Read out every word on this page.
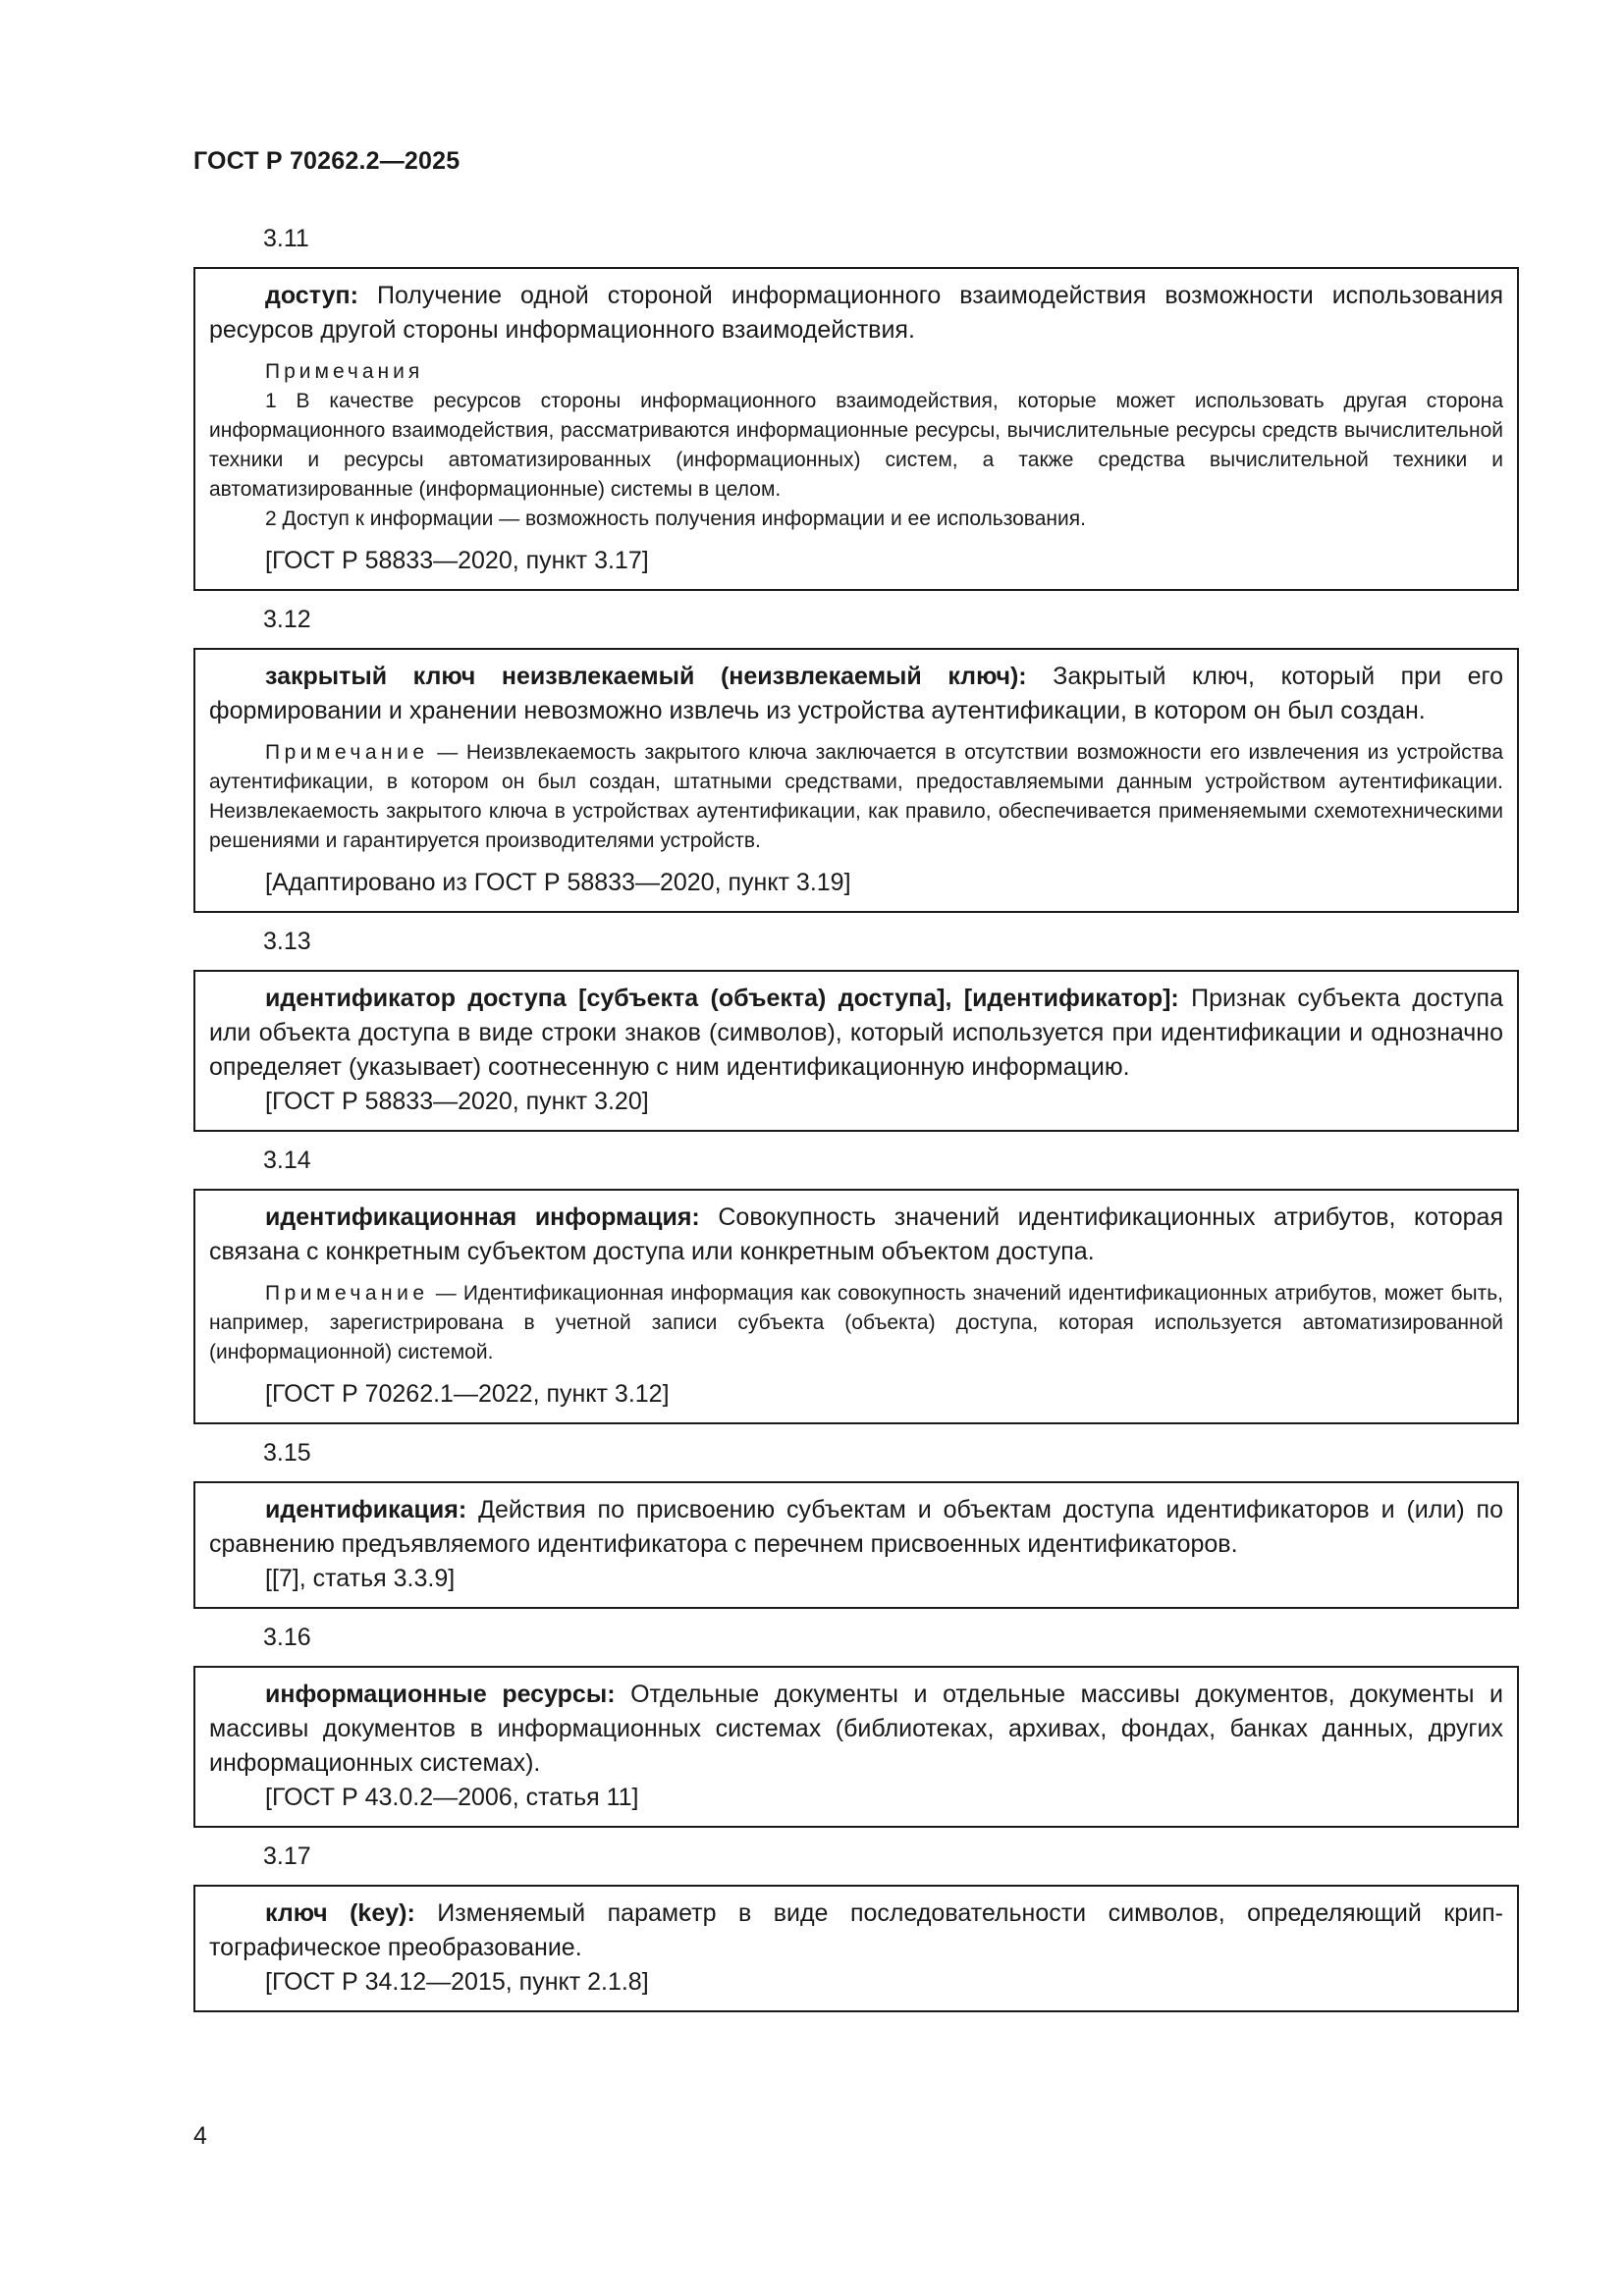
ГОСТ Р 70262.2—2025
3.11

доступ: Получение одной стороной информационного взаимодействия возможности использования ресурсов другой стороны информационного взаимодействия.

Примечания

1 В качестве ресурсов стороны информационного взаимодействия, которые может использовать другая сторона информационного взаимодействия, рассматриваются информационные ресурсы, вычислительные ресурсы средств вычислительной техники и ресурсы автоматизированных (информационных) систем, а также средства вычислительной техники и автоматизированные (информационные) системы в целом.

2 Доступ к информации — возможность получения информации и ее использования.

[ГОСТ Р 58833—2020, пункт 3.17]

3.12

закрытый ключ неизвлекаемый (неизвлекаемый ключ): Закрытый ключ, который при его формировании и хранении невозможно извлечь из устройства аутентификации, в котором он был создан.

Примечание — Неизвлекаемость закрытого ключа заключается в отсутствии возможности его извлечения из устройства аутентификации, в котором он был создан, штатными средствами, предоставляемыми данным устройством аутентификации. Неизвлекаемость закрытого ключа в устройствах аутентификации, как правило, обеспечивается применяемыми схемотехническими решениями и гарантируется производителями устройств.

[Адаптировано из ГОСТ Р 58833—2020, пункт 3.19]

3.13

идентификатор доступа [субъекта (объекта) доступа], [идентификатор]: Признак субъекта доступа или объекта доступа в виде строки знаков (символов), который используется при идентификации и однозначно определяет (указывает) соотнесенную с ним идентификационную информацию.

[ГОСТ Р 58833—2020, пункт 3.20]

3.14

идентификационная информация: Совокупность значений идентификационных атрибутов, которая связана с конкретным субъектом доступа или конкретным объектом доступа.

Примечание — Идентификационная информация как совокупность значений идентификационных атрибутов, может быть, например, зарегистрирована в учетной записи субъекта (объекта) доступа, которая используется автоматизированной (информационной) системой.

[ГОСТ Р 70262.1—2022, пункт 3.12]

3.15

идентификация: Действия по присвоению субъектам и объектам доступа идентификаторов и (или) по сравнению предъявляемого идентификатора с перечнем присвоенных идентификаторов.

[[7], статья 3.3.9]

3.16

информационные ресурсы: Отдельные документы и отдельные массивы документов, документы и массивы документов в информационных системах (библиотеках, архивах, фондах, банках данных, других информационных системах).

[ГОСТ Р 43.0.2—2006, статья 11]

3.17

ключ (key): Изменяемый параметр в виде последовательности символов, определяющий криптографическое преобразование.

[ГОСТ Р 34.12—2015, пункт 2.1.8]

4
